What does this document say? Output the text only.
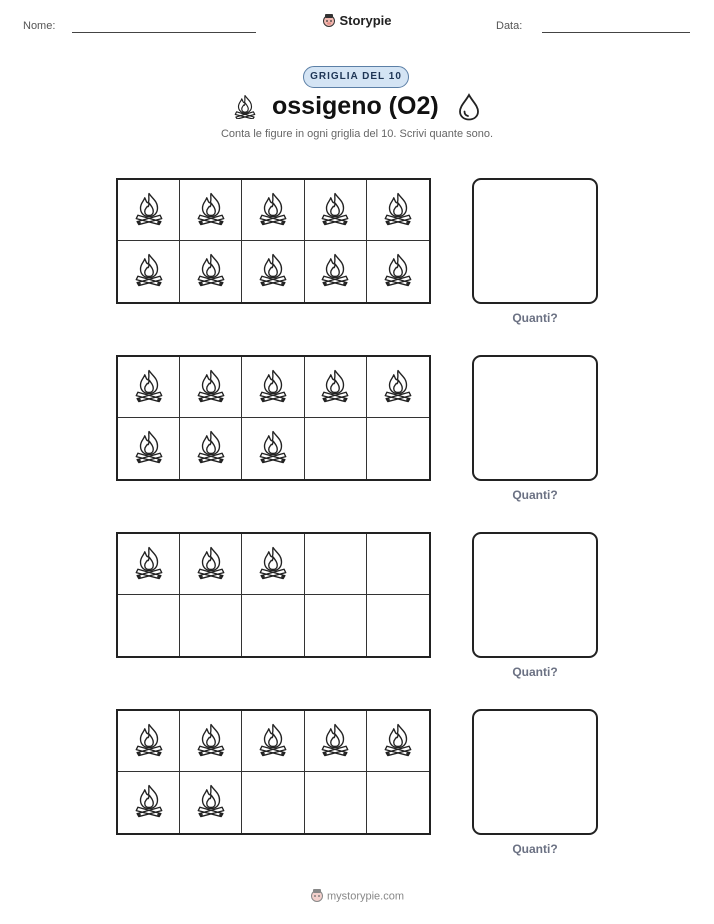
Nome:	Storypie	Data:
GRIGLIA DEL 10
ossigeno (O2)
Conta le figure in ogni griglia del 10. Scrivi quante sono.
Quanti?
Quanti?
Quanti?
Quanti?
mystorypie.com
